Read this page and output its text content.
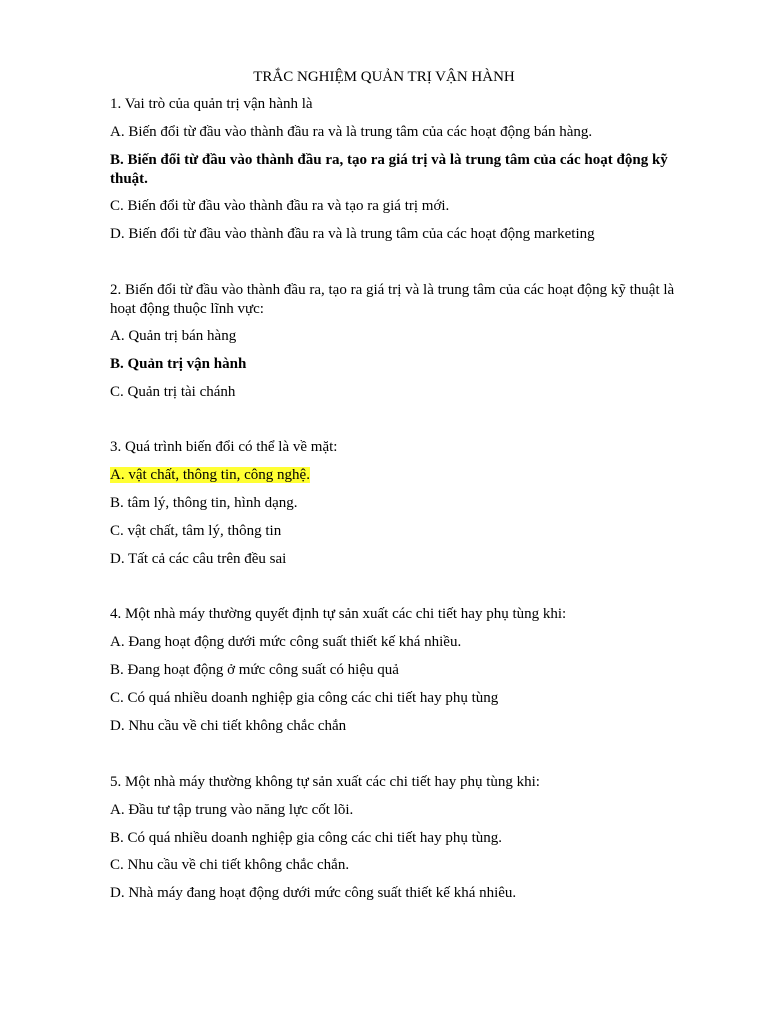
TRẮC NGHIỆM QUẢN TRỊ VẬN HÀNH
1. Vai trò của quản trị vận hành là
A. Biến đổi từ đầu vào thành đầu ra và là trung tâm của các hoạt động bán hàng.
B. Biến đổi từ đầu vào thành đầu ra, tạo ra giá trị và là trung tâm của các hoạt động kỹ thuật.
C. Biến đổi từ đầu vào thành đầu ra và tạo ra giá trị mới.
D. Biến đổi từ đầu vào thành đầu ra và là trung tâm của các hoạt động marketing
2. Biến đổi từ đầu vào thành đầu ra, tạo ra giá trị và là trung tâm của các hoạt động kỹ thuật là hoạt động thuộc lĩnh vực:
A. Quản trị bán hàng
B. Quản trị vận hành
C. Quản trị tài chánh
3. Quá trình biến đổi có thể là về mặt:
A. vật chất, thông tin, công nghệ.
B. tâm lý, thông tin, hình dạng.
C. vật chất, tâm lý, thông tin
D. Tất cả các câu trên đều sai
4. Một nhà máy thường quyết định tự sản xuất các chi tiết hay phụ tùng khi:
A. Đang hoạt động dưới mức công suất thiết kế khá nhiều.
B. Đang hoạt động ở mức công suất có hiệu quả
C. Có quá nhiều doanh nghiệp gia công các chi tiết hay phụ tùng
D. Nhu cầu về chi tiết không chắc chắn
5. Một nhà máy thường không tự sản xuất các chi tiết hay phụ tùng khi:
A. Đầu tư tập trung vào năng lực cốt lõi.
B. Có quá nhiều doanh nghiệp gia công các chi tiết hay phụ tùng.
C. Nhu cầu về chi tiết không chắc chắn.
D. Nhà máy đang hoạt động dưới mức công suất thiết kế khá nhiêu.
